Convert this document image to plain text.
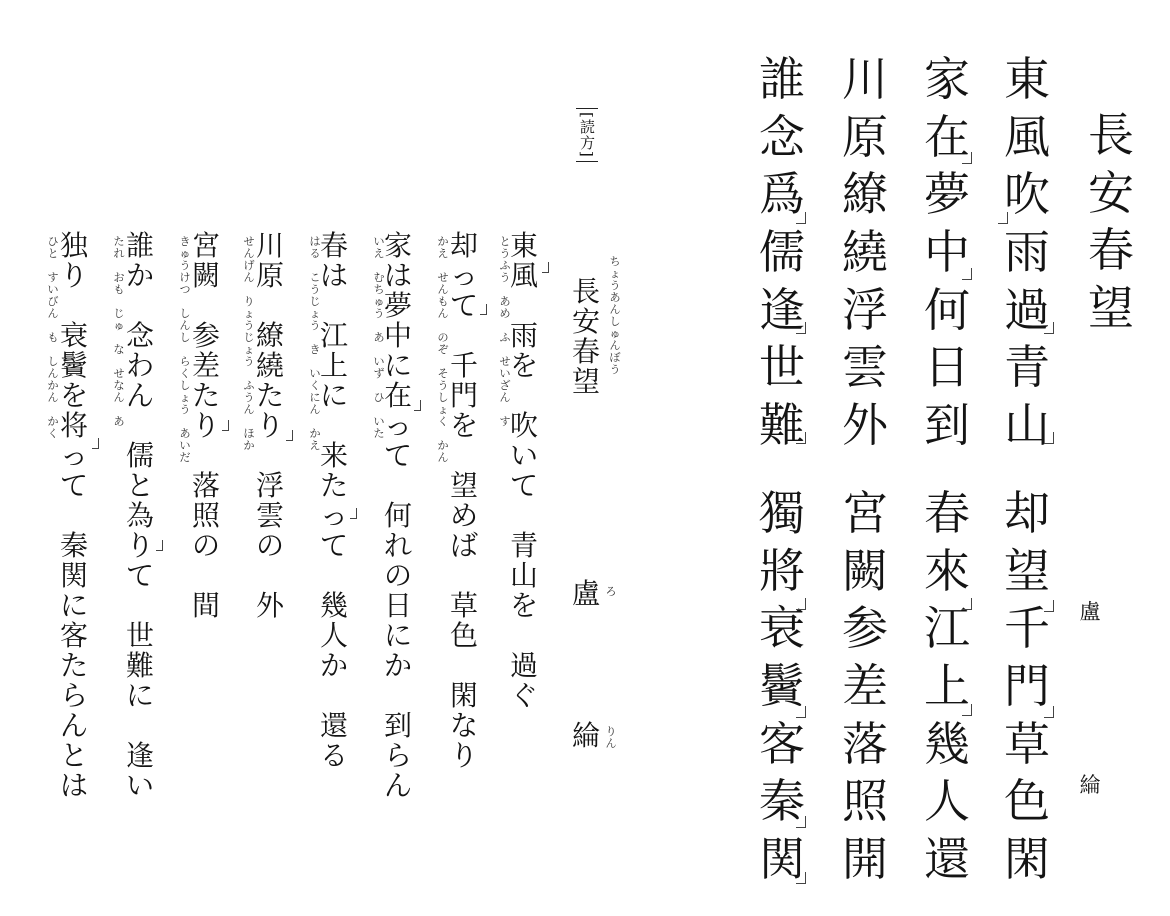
長
安
春
望
盧
綸
東
風
吹
雨
過
青
山
却
望
千
門
草
色
閑
家
在
夢
中
何
日
到
春
來
江
上
幾
人
還
川
原
繚
繞
浮
雲
外
宮
闕
参
差
落
照
開
誰
念
爲
儒
逢
世
難
獨
將
衰
鬢
客
秦
関
[読方]
長
安
春
望
ち
ょ
う
あ
ん
し
ゅ
ん
ぼ
う
盧 ろ
綸 り
ん
東
風

雨
を

吹
い
て

青
山
を

過
ぐ
却
っ
て

千
門
を

望
め
ば

草
色

閑
な
り
家
は
夢
中
に
在
っ
て

何
れ
の
日
に
か

到
ら
ん
春
は

江
上
に

来
た
っ
て

幾
人
か

還
る
川
原

繚
繞
た
り

浮
雲
の

外
宮
闕

参
差
た
り

落
照
の

間
誰
か

念
わ
ん

儒
と
為
り
て

世
難
に

逢
い
独
り

衰
鬢
を
将
っ
て

秦
関
に
客
た
ら
ん
と
は
と
う
ふ
う

あ
め

ふ

せ
い
ざ
ん

す
か
え

せ
ん
も
ん

の
ぞ

そ
う
し
ょ
く

か
ん
い
え

む
ち
ゅ
う

あ

い
ず

ひ

い
た
は
る

こ
う
じ
ょ
う

き

い
く
に
ん

か
え
せ
ん
げ
ん

り
ょ
う
じ
ょ
う

ふ
う
ん

ほ
か
き
ゅ
う
け
つ

し
ん
し

ら
く
し
ょ
う

あ
い
だ
た
れ

お
も

じ
ゅ

な

せ
な
ん

あ
ひ
と

す
い
び
ん

も

し
ん
か
ん

か
く
